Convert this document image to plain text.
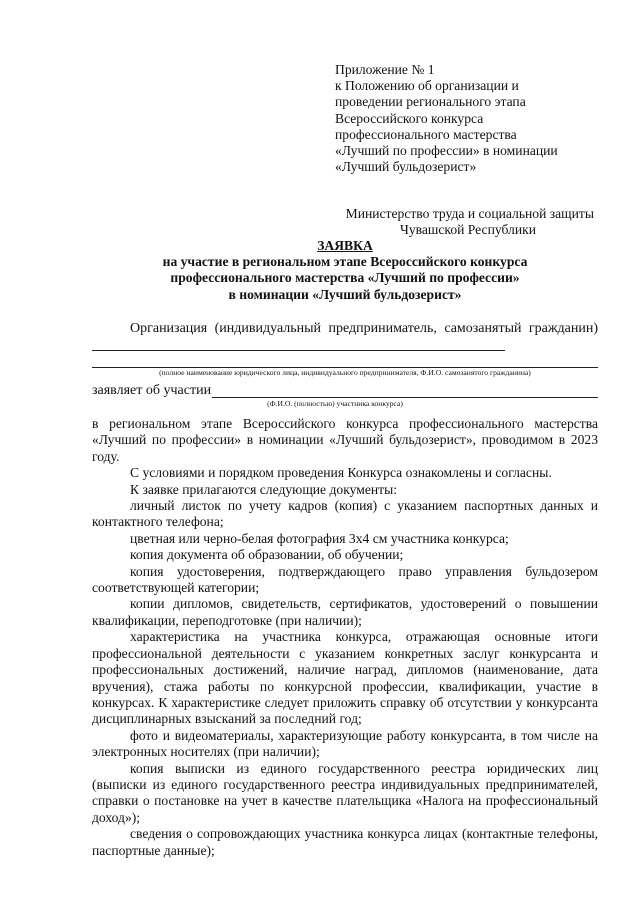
Приложение № 1
к Положению об организации и
проведении регионального этапа
Всероссийского конкурса
профессионального мастерства
«Лучший по профессии» в номинации
«Лучший бульдозерист»
Министерство труда и социальной защиты
Чувашской Республики
ЗАЯВКА
на участие в региональном этапе Всероссийского конкурса
профессионального мастерства «Лучший по профессии»
в номинации «Лучший бульдозерист»
Организация (индивидуальный предприниматель, самозанятый гражданин)
(полное наименование юридического лица, индивидуального предпринимателя, Ф.И.О. самозанятого гражданина)
заявляет об участии
(Ф.И.О. (полностью) участника конкурса)

в региональном этапе Всероссийского конкурса профессионального мастерства «Лучший по профессии» в номинации «Лучший бульдозерист», проводимом в 2023 году.

С условиями и порядком проведения Конкурса ознакомлены и согласны.

К заявке прилагаются следующие документы:

личный листок по учету кадров (копия) с указанием паспортных данных и контактного телефона;

цветная или черно-белая фотография 3х4 см участника конкурса;

копия документа об образовании, об обучении;

копия удостоверения, подтверждающего право управления бульдозером соответствующей категории;

копии дипломов, свидетельств, сертификатов, удостоверений о повышении квалификации, переподготовке (при наличии);

характеристика на участника конкурса, отражающая основные итоги профессиональной деятельности с указанием конкретных заслуг конкурсанта и профессиональных достижений, наличие наград, дипломов (наименование, дата вручения), стажа работы по конкурсной профессии, квалификации, участие в конкурсах. К характеристике следует приложить справку об отсутствии у конкурсанта дисциплинарных взысканий за последний год;

фото и видеоматериалы, характеризующие работу конкурсанта, в том числе на электронных носителях (при наличии);

копия выписки из единого государственного реестра юридических лиц (выписки из единого государственного реестра индивидуальных предпринимателей, справки о постановке на учет в качестве плательщика «Налога на профессиональный доход»);

сведения о сопровождающих участника конкурса лицах (контактные телефоны, паспортные данные);
